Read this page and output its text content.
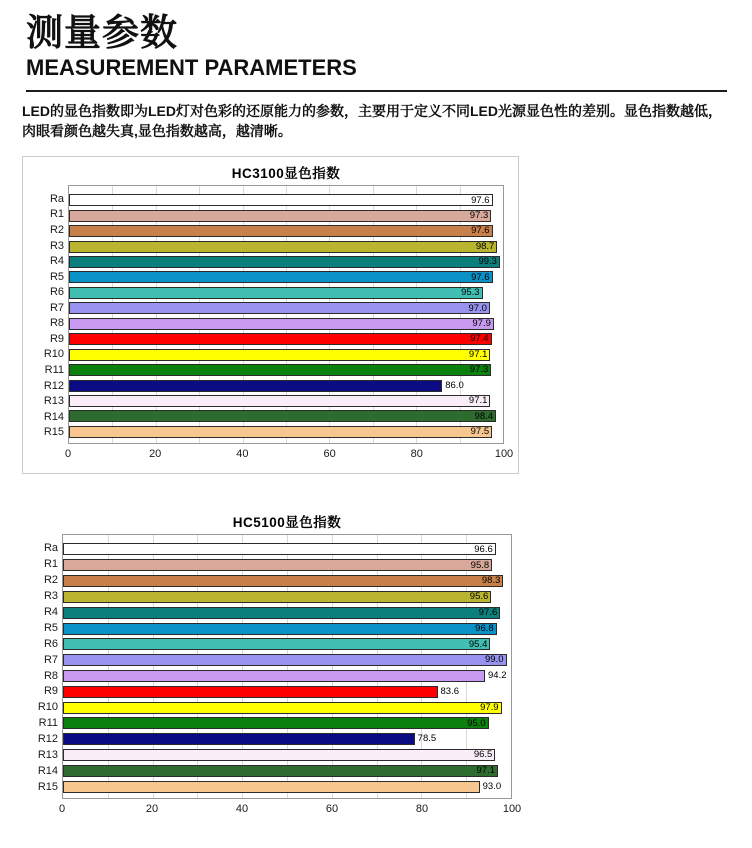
测量参数
MEASUREMENT PARAMETERS

LED的显色指数即为LED灯对色彩的还原能力的参数，主要用于定义不同LED光源显色性的差别。显色指数越低，肉眼看颜色越失真,显色指数越高，越清晰。

HC3100显色指数
Ra
R1
R2
R3
R4
R5
R6
R7
R8
R9
R10
R11
R12
R13
R14
R15
97.6
97.3
97.6
98.7
99.3
97.6
95.3
97.0
97.9
97.4
97.1
97.3
86.0
97.1
98.4
97.5
0	20	40	60	80	100
HC5100显色指数
Ra
R1
R2
R3
R4
R5
R6
R7
R8
R9
R10
R11
R12
R13
R14
R15
96.6
95.8
98.3
95.6
97.6
96.8
95.4
99.0
94.2
83.6
97.9
95.0
78.5
96.5
97.1
93.0
0	20	40	60	80	100
